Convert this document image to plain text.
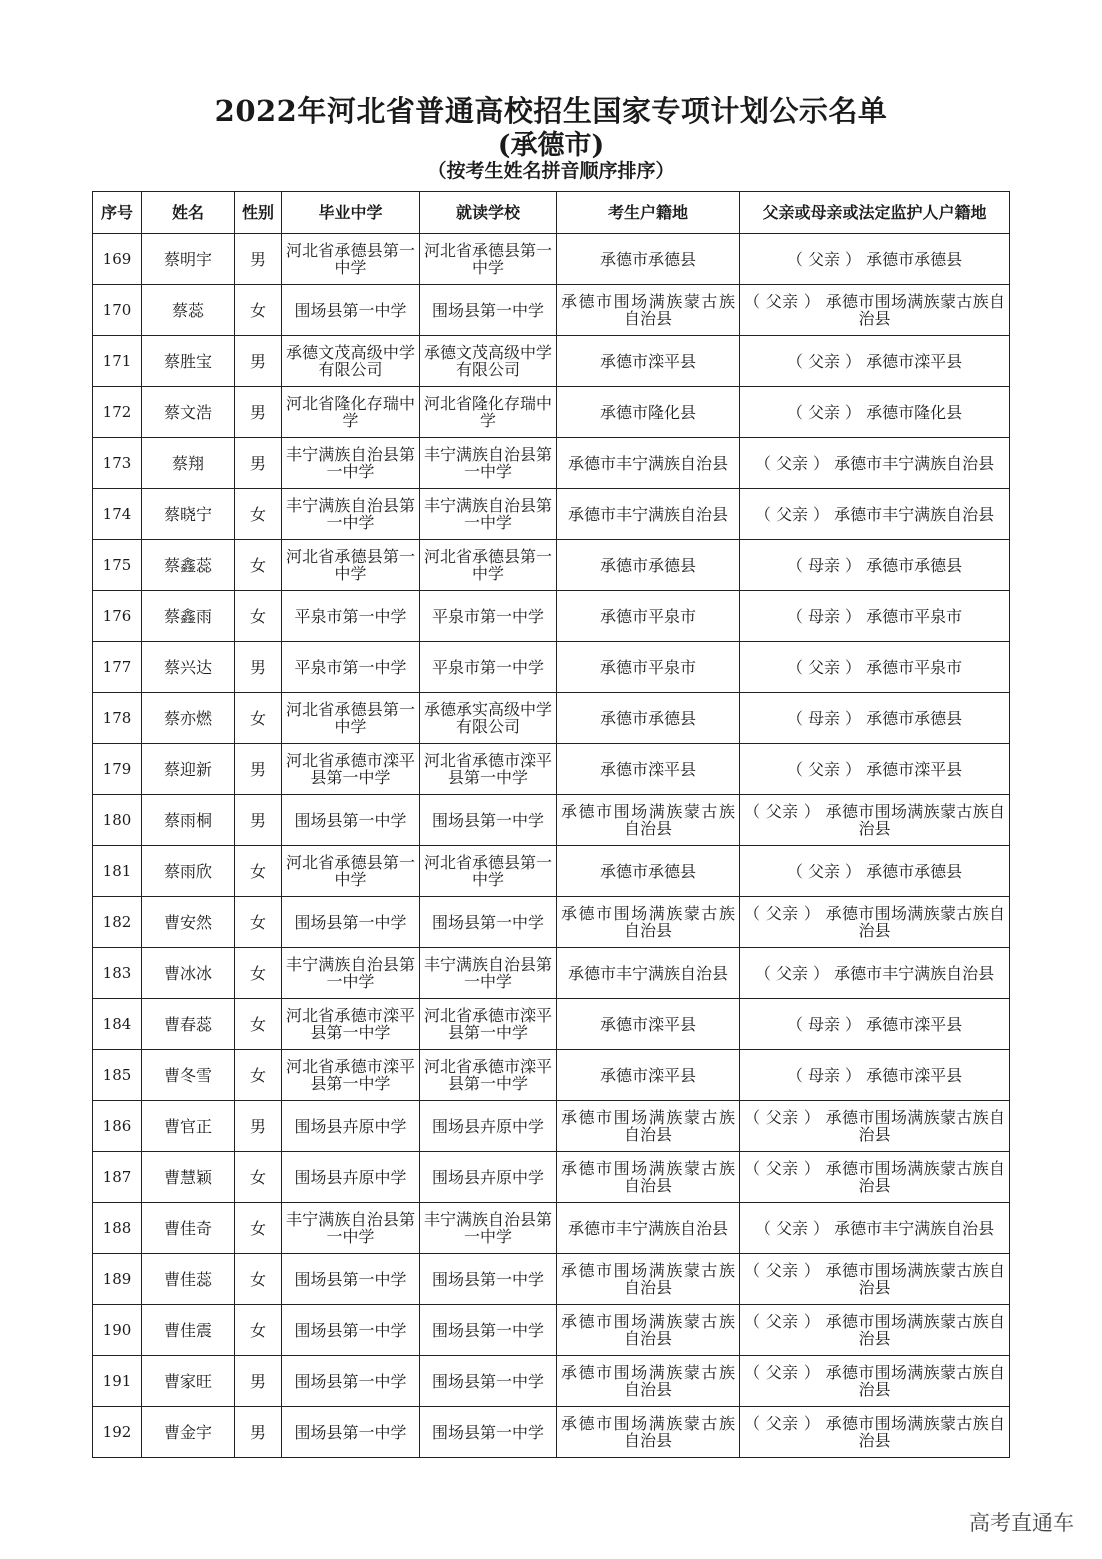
2022年河北省普通高校招生国家专项计划公示名单
(承德市)
（按考生姓名拼音顺序排序）
序号	姓名	性别	毕业中学	就读学校	考生户籍地	父亲或母亲或法定监护人户籍地
169	蔡明宇	男	河北省承德县第一中学	河北省承德县第一中学	承德市承德县	（ 父亲 ） 承德市承德县
170	蔡蕊	女	围场县第一中学	围场县第一中学	承德市围场满族蒙古族自治县	（ 父亲 ） 承德市围场满族蒙古族自治县
171	蔡胜宝	男	承德文茂高级中学有限公司	承德文茂高级中学有限公司	承德市滦平县	（ 父亲 ） 承德市滦平县
172	蔡文浩	男	河北省隆化存瑞中学	河北省隆化存瑞中学	承德市隆化县	（ 父亲 ） 承德市隆化县
173	蔡翔	男	丰宁满族自治县第一中学	丰宁满族自治县第一中学	承德市丰宁满族自治县	（ 父亲 ） 承德市丰宁满族自治县
174	蔡晓宁	女	丰宁满族自治县第一中学	丰宁满族自治县第一中学	承德市丰宁满族自治县	（ 父亲 ） 承德市丰宁满族自治县
175	蔡鑫蕊	女	河北省承德县第一中学	河北省承德县第一中学	承德市承德县	（ 母亲 ） 承德市承德县
176	蔡鑫雨	女	平泉市第一中学	平泉市第一中学	承德市平泉市	（ 母亲 ） 承德市平泉市
177	蔡兴达	男	平泉市第一中学	平泉市第一中学	承德市平泉市	（ 父亲 ） 承德市平泉市
178	蔡亦燃	女	河北省承德县第一中学	承德承实高级中学有限公司	承德市承德县	（ 母亲 ） 承德市承德县
179	蔡迎新	男	河北省承德市滦平县第一中学	河北省承德市滦平县第一中学	承德市滦平县	（ 父亲 ） 承德市滦平县
180	蔡雨桐	男	围场县第一中学	围场县第一中学	承德市围场满族蒙古族自治县	（ 父亲 ） 承德市围场满族蒙古族自治县
181	蔡雨欣	女	河北省承德县第一中学	河北省承德县第一中学	承德市承德县	（ 父亲 ） 承德市承德县
182	曹安然	女	围场县第一中学	围场县第一中学	承德市围场满族蒙古族自治县	（ 父亲 ） 承德市围场满族蒙古族自治县
183	曹冰冰	女	丰宁满族自治县第一中学	丰宁满族自治县第一中学	承德市丰宁满族自治县	（ 父亲 ） 承德市丰宁满族自治县
184	曹春蕊	女	河北省承德市滦平县第一中学	河北省承德市滦平县第一中学	承德市滦平县	（ 母亲 ） 承德市滦平县
185	曹冬雪	女	河北省承德市滦平县第一中学	河北省承德市滦平县第一中学	承德市滦平县	（ 母亲 ） 承德市滦平县
186	曹官正	男	围场县卉原中学	围场县卉原中学	承德市围场满族蒙古族自治县	（ 父亲 ） 承德市围场满族蒙古族自治县
187	曹慧颖	女	围场县卉原中学	围场县卉原中学	承德市围场满族蒙古族自治县	（ 父亲 ） 承德市围场满族蒙古族自治县
188	曹佳奇	女	丰宁满族自治县第一中学	丰宁满族自治县第一中学	承德市丰宁满族自治县	（ 父亲 ） 承德市丰宁满族自治县
189	曹佳蕊	女	围场县第一中学	围场县第一中学	承德市围场满族蒙古族自治县	（ 父亲 ） 承德市围场满族蒙古族自治县
190	曹佳震	女	围场县第一中学	围场县第一中学	承德市围场满族蒙古族自治县	（ 父亲 ） 承德市围场满族蒙古族自治县
191	曹家旺	男	围场县第一中学	围场县第一中学	承德市围场满族蒙古族自治县	（ 父亲 ） 承德市围场满族蒙古族自治县
192	曹金宇	男	围场县第一中学	围场县第一中学	承德市围场满族蒙古族自治县	（ 父亲 ） 承德市围场满族蒙古族自治县
高考直通车
